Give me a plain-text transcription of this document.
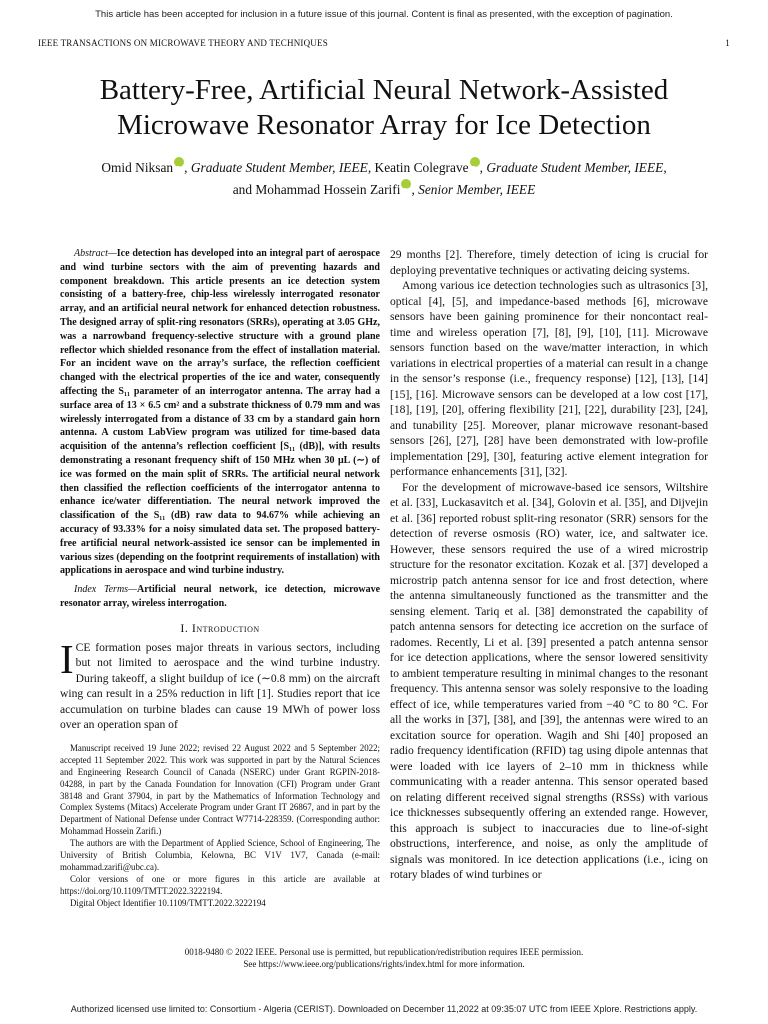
This article has been accepted for inclusion in a future issue of this journal. Content is final as presented, with the exception of pagination.
IEEE TRANSACTIONS ON MICROWAVE THEORY AND TECHNIQUES	1
Battery-Free, Artificial Neural Network-Assisted Microwave Resonator Array for Ice Detection
Omid Niksan iD , Graduate Student Member, IEEE, Keatin Colegrave iD , Graduate Student Member, IEEE,
and Mohammad Hossein Zarifi iD , Senior Member, IEEE

Abstract—Ice detection has developed into an integral part of aerospace and wind turbine sectors with the aim of preventing hazards and component breakdown. This article presents an ice detection system consisting of a battery-free, chip-less wirelessly interrogated resonator array, and an artificial neural network for enhanced detection robustness. The designed array of split-ring resonators (SRRs), operating at 3.05 GHz, was a narrowband frequency-selective structure with a ground plane reflector which shielded resonance from the effect of installation material. For an incident wave on the array’s surface, the reflection coefficient changed with the electrical properties of the ice and water, consequently affecting the S₁₁ parameter of an interrogator antenna. The array had a surface area of 13 × 6.5 cm² and a substrate thickness of 0.79 mm and was wirelessly interrogated from a distance of 33 cm by a standard gain horn antenna. A custom LabView program was utilized for time-based data acquisition of the antenna’s reflection coefficient [S₁₁ (dB)], with results demonstrating a resonant frequency shift of 150 MHz when 30 μL (∼) of ice was formed on the main split of SRRs. The artificial neural network then classified the reflection coefficients of the interrogator antenna to enhance ice/water differentiation. The neural network improved the classification of the S₁₁ (dB) raw data to 94.67% while achieving an accuracy of 93.33% for a noisy simulated data set. The proposed battery-free artificial neural network-assisted ice sensor can be implemented in various sizes (depending on the footprint requirements of installation) with applications in aerospace and wind turbine industry.

Index Terms—Artificial neural network, ice detection, microwave resonator array, wireless interrogation.

I. Introduction

ICE formation poses major threats in various sectors, including but not limited to aerospace and the wind turbine industry. During takeoff, a slight buildup of ice (∼0.8 mm) on the aircraft wing can result in a 25% reduction in lift [1]. Studies report that ice accumulation on turbine blades can cause 19 MWh of power loss over an operation span of

Manuscript received 19 June 2022; revised 22 August 2022 and 5 September 2022; accepted 11 September 2022. This work was supported in part by the Natural Sciences and Engineering Research Council of Canada (NSERC) under Grant RGPIN-2018-04288, in part by the Canada Foundation for Innovation (CFI) Program under Grant 38148 and Grant 37904, in part by the Mathematics of Information Technology and Complex Systems (Mitacs) Accelerate Program under Grant IT 26867, and in part by the Department of National Defense under Contract W7714-228359. (Corresponding author: Mohammad Hossein Zarifi.)

The authors are with the Department of Applied Science, School of Engineering, The University of British Columbia, Kelowna, BC V1V 1V7, Canada (e-mail: mohammad.zarifi@ubc.ca).

Color versions of one or more figures in this article are available at https://doi.org/10.1109/TMTT.2022.3222194.

Digital Object Identifier 10.1109/TMTT.2022.3222194

29 months [2]. Therefore, timely detection of icing is crucial for deploying preventative techniques or activating deicing systems.

Among various ice detection technologies such as ultrasonics [3], optical [4], [5], and impedance-based methods [6], microwave sensors have been gaining prominence for their noncontact real-time and wireless operation [7], [8], [9], [10], [11]. Microwave sensors function based on the wave/matter interaction, in which variations in electrical properties of a material can result in a change in the sensor’s response (i.e., frequency response) [12], [13], [14] [15], [16]. Microwave sensors can be developed at a low cost [17], [18], [19], [20], offering flexibility [21], [22], durability [23], [24], and tunability [25]. Moreover, planar microwave resonant-based sensors [26], [27], [28] have been demonstrated with low-profile implementation [29], [30], featuring active element integration for performance enhancements [31], [32].

For the development of microwave-based ice sensors, Wiltshire et al. [33], Luckasavitch et al. [34], Golovin et al. [35], and Dijvejin et al. [36] reported robust split-ring resonator (SRR) sensors for the detection of reverse osmosis (RO) water, ice, and saltwater ice. However, these sensors required the use of a wired microstrip structure for the resonator excitation. Kozak et al. [37] developed a microstrip patch antenna sensor for ice and frost detection, where the antenna simultaneously functioned as the transmitter and the sensing element. Tariq et al. [38] demonstrated the capability of patch antenna sensors for detecting ice accretion on the surface of radomes. Recently, Li et al. [39] presented a patch antenna sensor for ice detection applications, where the sensor lowered sensitivity to ambient temperature resulting in minimal changes to the resonant frequency. This antenna sensor was solely responsive to the loading effect of ice, while temperatures varied from −40 °C to 80 °C. For all the works in [37], [38], and [39], the antennas were wired to an excitation source for operation. Wagih and Shi [40] proposed an radio frequency identification (RFID) tag using dipole antennas that were loaded with ice layers of 2–10 mm in thickness while communicating with a reader antenna. This sensor operated based on relating different received signal strengths (RSSs) with various ice thicknesses subsequently offering an extended range. However, this approach is subject to inaccuracies due to line-of-sight obstructions, interference, and noise, as only the amplitude of signals was monitored. In ice detection applications (i.e., icing on rotary blades of wind turbines or

0018-9480 © 2022 IEEE. Personal use is permitted, but republication/redistribution requires IEEE permission.
See https://www.ieee.org/publications/rights/index.html for more information.
Authorized licensed use limited to: Consortium - Algeria (CERIST). Downloaded on December 11,2022 at 09:35:07 UTC from IEEE Xplore. Restrictions apply.
